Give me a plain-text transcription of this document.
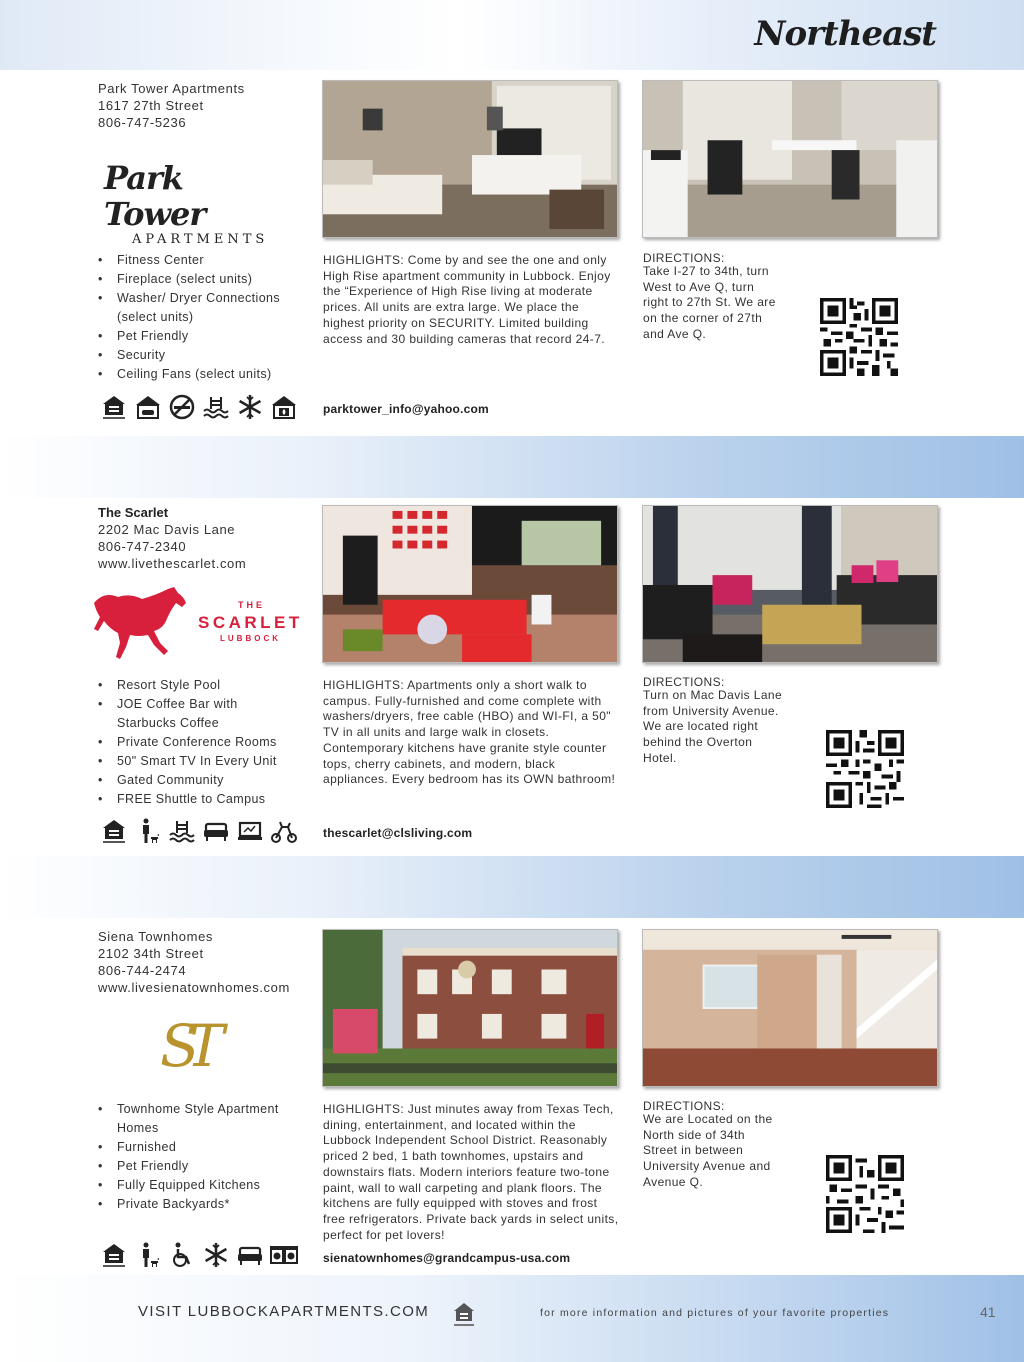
Northeast
Park Tower Apartments
1617 27th Street
806-747-5236
Park Tower
APARTMENTS
• Fitness Center
• Fireplace (select units)
• Washer/ Dryer Connections (select units)
• Pet Friendly
• Security
• Ceiling Fans (select units)
HIGHLIGHTS: Come by and see the one and only High Rise apartment community in Lubbock. Enjoy the “Experience of High Rise living at moderate prices. All units are extra large. We place the highest priority on SECURITY. Limited building access and 30 building cameras that record 24-7.
parktower_info@yahoo.com
DIRECTIONS:
Take I-27 to 34th, turn West to Ave Q, turn right to 27th St. We are on the corner of 27th and Ave Q.
The Scarlet
2202 Mac Davis Lane
806-747-2340
www.livethescarlet.com
THE
SCARLET
LUBBOCK
• Resort Style Pool
• JOE Coffee Bar with Starbucks Coffee
• Private Conference Rooms
• 50" Smart TV In Every Unit
• Gated Community
• FREE Shuttle to Campus
HIGHLIGHTS: Apartments only a short walk to campus. Fully-furnished and come complete with washers/dryers, free cable (HBO) and WI-FI, a 50" TV in all units and large walk in closets. Contemporary kitchens have granite style counter tops, cherry cabinets, and modern, black appliances. Every bedroom has its OWN bathroom!
thescarlet@clsliving.com
DIRECTIONS:
Turn on Mac Davis Lane from University Avenue. We are located right behind the Overton Hotel.
Siena Townhomes
2102 34th Street
806-744-2474
www.livesienatownhomes.com
ST
• Townhome Style Apartment Homes
• Furnished
• Pet Friendly
• Fully Equipped Kitchens
• Private Backyards*
HIGHLIGHTS: Just minutes away from Texas Tech, dining, entertainment, and located within the Lubbock Independent School District. Reasonably priced 2 bed, 1 bath townhomes, upstairs and downstairs flats. Modern interiors feature two-tone paint, wall to wall carpeting and plank floors. The kitchens are fully equipped with stoves and frost free refrigerators. Private back yards in select units, perfect for pet lovers!
sienatownhomes@grandcampus-usa.com
DIRECTIONS:
We are Located on the North side of 34th Street in between University Avenue and Avenue Q.
VISIT LUBBOCKAPARTMENTS.COM	for more information and pictures of your favorite properties	41
